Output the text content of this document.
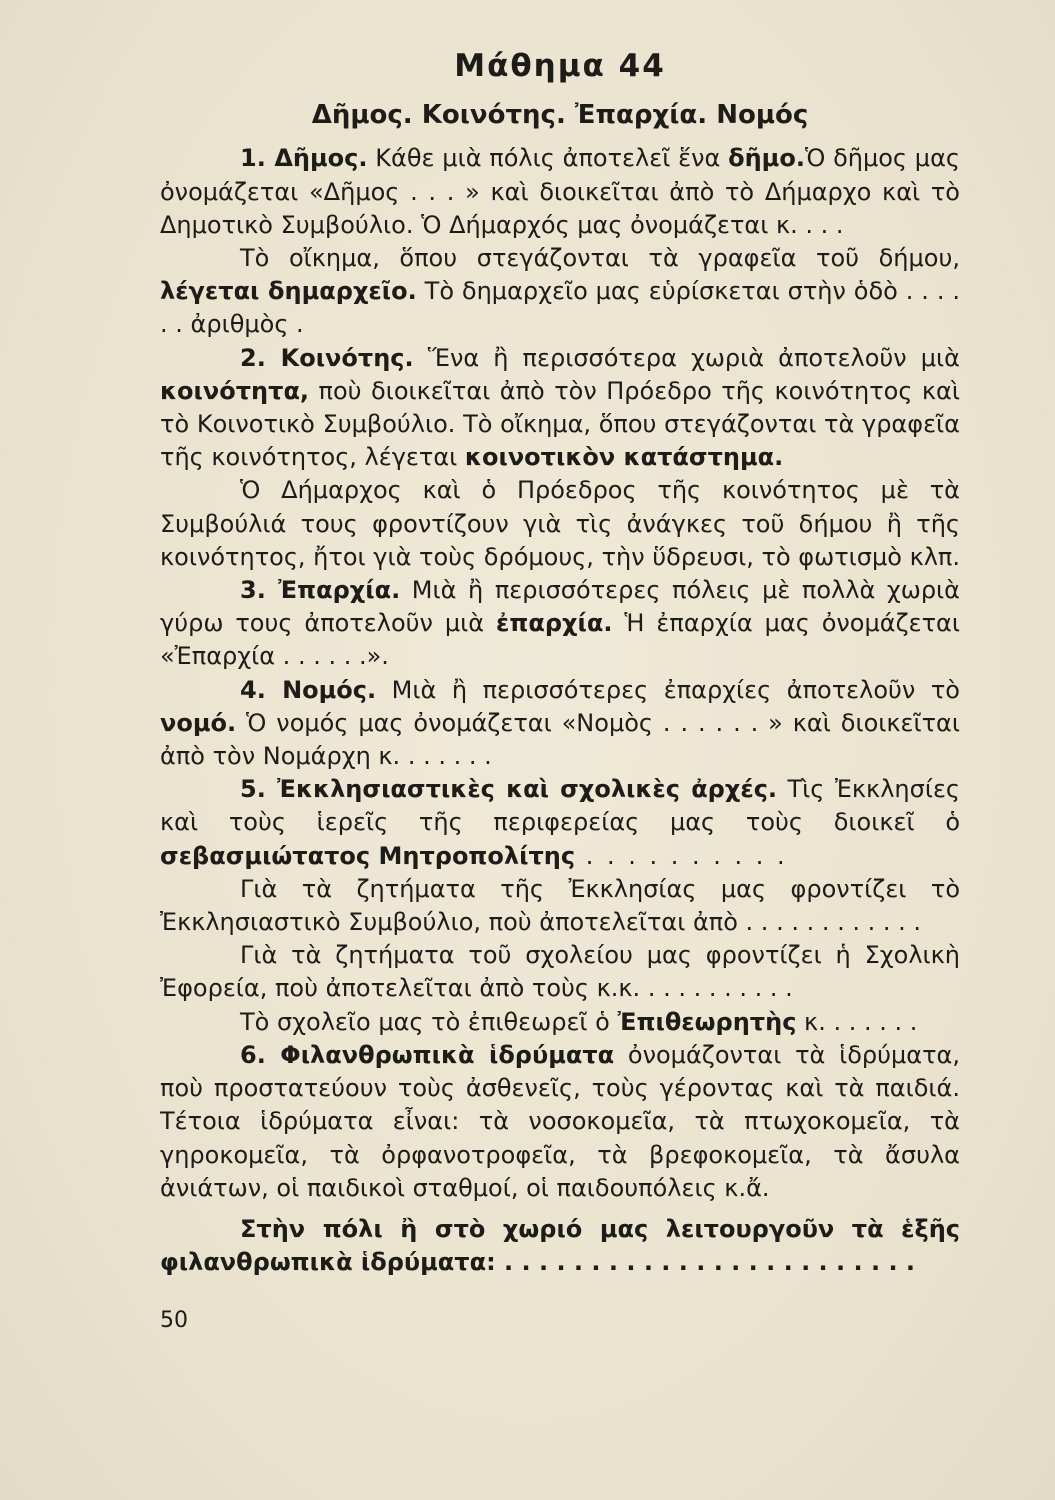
Μάθημα 44
Δῆμος. Κοινότης. Ἐπαρχία. Νομός

1. Δῆμος. Κάθε μιὰ πόλις ἀποτελεῖ ἕνα δῆμο.Ὁ δῆμος μας ὀνομάζεται «Δῆμος . . . » καὶ διοικεῖται ἀπὸ τὸ Δήμαρχο καὶ τὸ Δημοτικὸ Συμβούλιο. Ὁ Δήμαρχός μας ὀνομάζεται κ. . . .

Τὸ οἴκημα, ὅπου στεγάζονται τὰ γραφεῖα τοῦ δήμου, λέγεται δημαρχεῖο. Τὸ δημαρχεῖο μας εὑρίσκεται στὴν ὁδὸ . . . . . . ἀριθμὸς .

2. Κοινότης. Ἕνα ἢ περισσότερα χωριὰ ἀποτελοῦν μιὰ κοινότητα, ποὺ διοικεῖται ἀπὸ τὸν Πρόεδρο τῆς κοινότητος καὶ τὸ Κοινοτικὸ Συμβούλιο. Τὸ οἴκημα, ὅπου στεγάζονται τὰ γραφεῖα τῆς κοινότητος, λέγεται κοινοτικὸν κατάστημα.

Ὁ Δήμαρχος καὶ ὁ Πρόεδρος τῆς κοινότητος μὲ τὰ Συμβούλιά τους φροντίζουν γιὰ τὶς ἀνάγκες τοῦ δήμου ἢ τῆς κοινότητος, ἤτοι γιὰ τοὺς δρόμους, τὴν ὕδρευσι, τὸ φωτισμὸ κλπ.

3. Ἐπαρχία. Μιὰ ἢ περισσότερες πόλεις μὲ πολλὰ χωριὰ γύρω τους ἀποτελοῦν μιὰ ἐπαρχία. Ἡ ἐπαρχία μας ὀνομάζεται «Ἐπαρχία . . . . . .».

4. Νομός. Μιὰ ἢ περισσότερες ἐπαρχίες ἀποτελοῦν τὸ νομό. Ὁ νομός μας ὀνομάζεται «Νομὸς . . . . . . » καὶ διοικεῖται ἀπὸ τὸν Νομάρχη κ. . . . . . .

5. Ἐκκλησιαστικὲς καὶ σχολικὲς ἀρχές. Τὶς Ἐκκλησίες καὶ τοὺς ἱερεῖς τῆς περιφερείας μας τοὺς διοικεῖ ὁ σεβασμιώτατος Μητροπολίτης . . . . . . . . . .

Γιὰ τὰ ζητήματα τῆς Ἐκκλησίας μας φροντίζει τὸ Ἐκκλησιαστικὸ Συμβούλιο, ποὺ ἀποτελεῖται ἀπὸ . . . . . . . . . . . .

Γιὰ τὰ ζητήματα τοῦ σχολείου μας φροντίζει ἡ Σχολικὴ Ἐφορεία, ποὺ ἀποτελεῖται ἀπὸ τοὺς κ.κ. . . . . . . . . . .

Τὸ σχολεῖο μας τὸ ἐπιθεωρεῖ ὁ Ἐπιθεωρητὴς κ. . . . . . .

6. Φιλανθρωπικὰ ἱδρύματα ὀνομάζονται τὰ ἱδρύματα, ποὺ προστατεύουν τοὺς ἀσθενεῖς, τοὺς γέροντας καὶ τὰ παιδιά. Τέτοια ἱδρύματα εἶναι: τὰ νοσοκομεῖα, τὰ πτωχοκομεῖα, τὰ γηροκομεῖα, τὰ ὀρφανοτροφεῖα, τὰ βρεφοκομεῖα, τὰ ἄσυλα ἀνιάτων, οἱ παιδικοὶ σταθμοί, οἱ παιδουπόλεις κ.ἄ.

Στὴν πόλι ἢ στὸ χωριό μας λειτουργοῦν τὰ ἑξῆς φιλανθρωπικὰ ἱδρύματα: . . . . . . . . . . . . . . . . . . . . . . . .

50
